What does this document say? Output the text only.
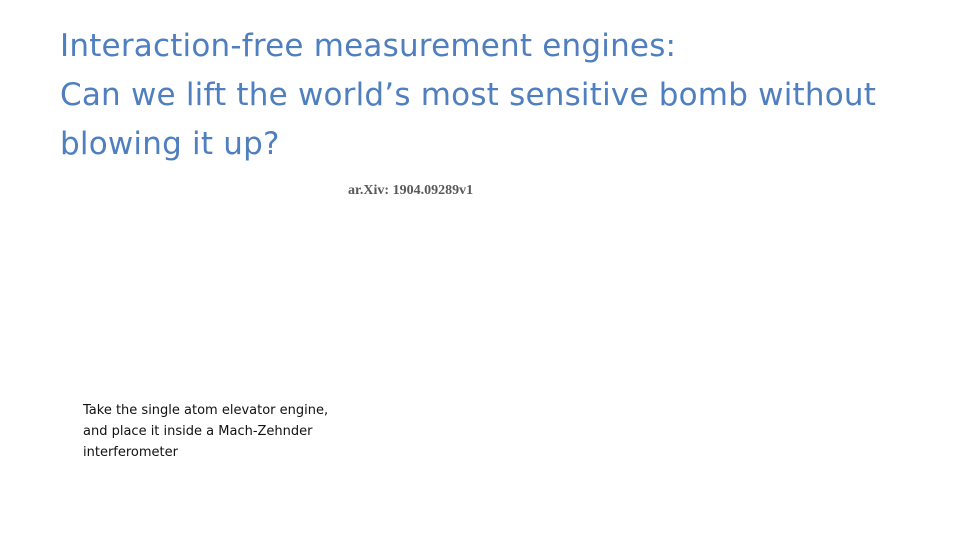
Interaction-free measurement engines:
Can we lift the world’s most sensitive bomb without
blowing it up?
ar.Xiv: 1904.09289v1
Take the single atom elevator engine,
and place it inside a Mach-Zehnder
interferometer
